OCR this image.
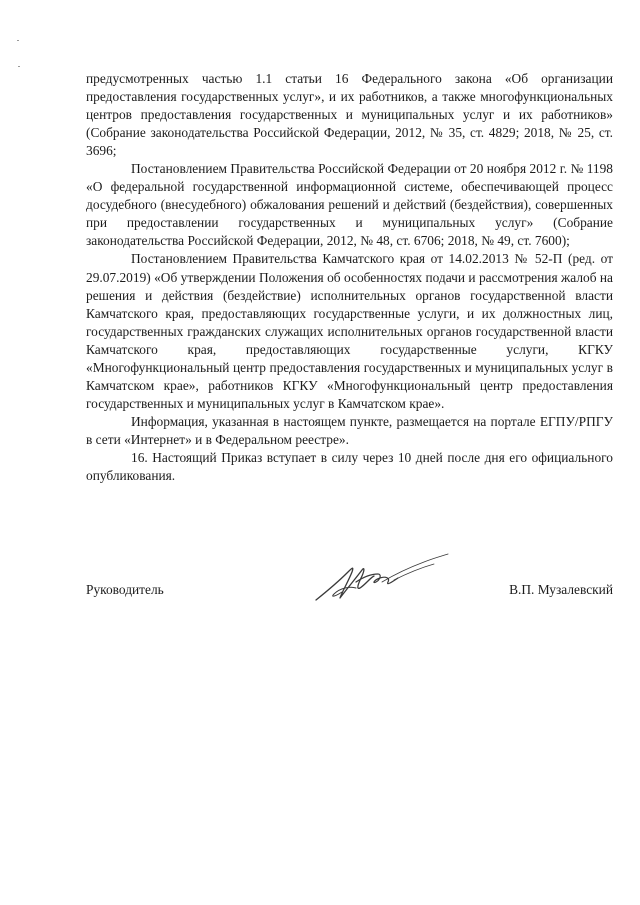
предусмотренных частью 1.1 статьи 16 Федерального закона «Об организации предоставления государственных услуг», и их работников, а также многофункциональных центров предоставления государственных и муниципальных услуг и их работников» (Собрание законодательства Российской Федерации, 2012, № 35, ст. 4829; 2018, № 25, ст. 3696;

Постановлением Правительства Российской Федерации от 20 ноября 2012 г. № 1198 «О федеральной государственной информационной системе, обеспечивающей процесс досудебного (внесудебного) обжалования решений и действий (бездействия), совершенных при предоставлении государственных и муниципальных услуг» (Собрание законодательства Российской Федерации, 2012, № 48, ст. 6706; 2018, № 49, ст. 7600);

Постановлением Правительства Камчатского края от 14.02.2013 № 52-П (ред. от 29.07.2019) «Об утверждении Положения об особенностях подачи и рассмотрения жалоб на решения и действия (бездействие) исполнительных органов государственной власти Камчатского края, предоставляющих государственные услуги, и их должностных лиц, государственных гражданских служащих исполнительных органов государственной власти Камчатского края, предоставляющих государственные услуги, КГКУ «Многофункциональный центр предоставления государственных и муниципальных услуг в Камчатском крае», работников КГКУ «Многофункциональный центр предоставления государственных и муниципальных услуг в Камчатском крае».

Информация, указанная в настоящем пункте, размещается на портале ЕГПУ/РПГУ в сети «Интернет» и в Федеральном реестре».

16. Настоящий Приказ вступает в силу через 10 дней после дня его официального опубликования.

Руководитель	В.П. Музалевский
